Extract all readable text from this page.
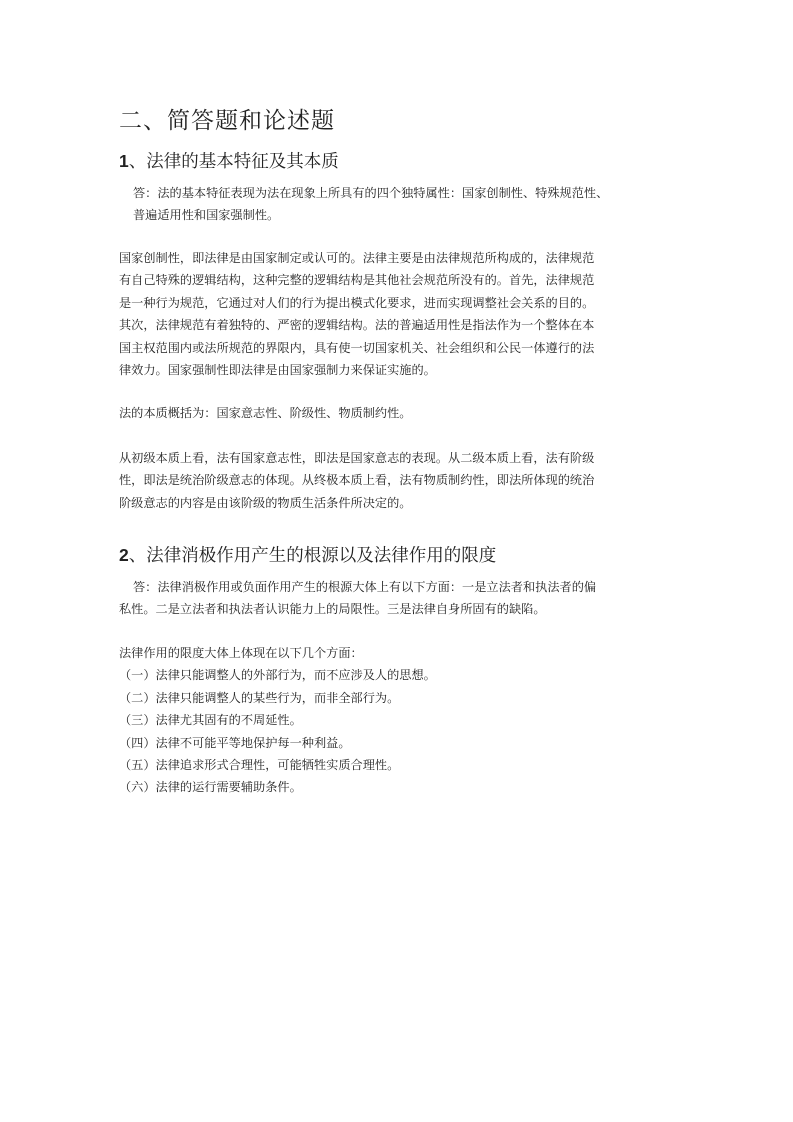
二、简答题和论述题
1、法律的基本特征及其本质
答：法的基本特征表现为法在现象上所具有的四个独特属性：国家创制性、特殊规范性、
普遍适用性和国家强制性。
国家创制性，即法律是由国家制定或认可的。法律主要是由法律规范所构成的，法律规范
有自己特殊的逻辑结构，这种完整的逻辑结构是其他社会规范所没有的。首先，法律规范
是一种行为规范，它通过对人们的行为提出模式化要求，进而实现调整社会关系的目的。
其次，法律规范有着独特的、严密的逻辑结构。法的普遍适用性是指法作为一个整体在本
国主权范围内或法所规范的界限内，具有使一切国家机关、社会组织和公民一体遵行的法
律效力。国家强制性即法律是由国家强制力来保证实施的。
法的本质概括为：国家意志性、阶级性、物质制约性。
从初级本质上看，法有国家意志性，即法是国家意志的表现。从二级本质上看，法有阶级
性，即法是统治阶级意志的体现。从终极本质上看，法有物质制约性，即法所体现的统治
阶级意志的内容是由该阶级的物质生活条件所决定的。
2、法律消极作用产生的根源以及法律作用的限度
答：法律消极作用或负面作用产生的根源大体上有以下方面：一是立法者和执法者的偏
私性。二是立法者和执法者认识能力上的局限性。三是法律自身所固有的缺陷。
法律作用的限度大体上体现在以下几个方面：
（一）法律只能调整人的外部行为，而不应涉及人的思想。
（二）法律只能调整人的某些行为，而非全部行为。
（三）法律尤其固有的不周延性。
（四）法律不可能平等地保护每一种利益。
（五）法律追求形式合理性，可能牺牲实质合理性。
（六）法律的运行需要辅助条件。
